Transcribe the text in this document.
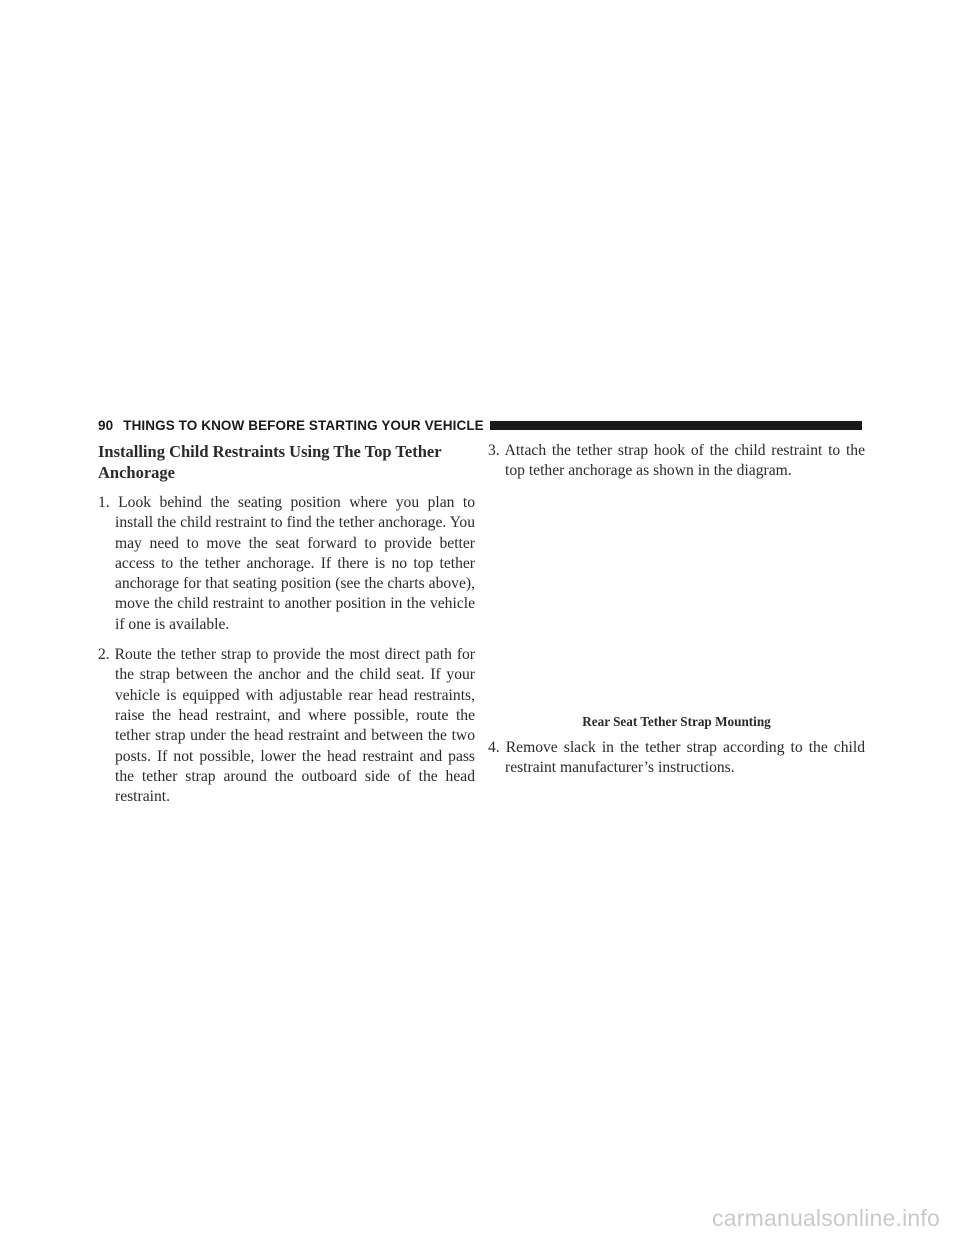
90 THINGS TO KNOW BEFORE STARTING YOUR VEHICLE
Installing Child Restraints Using The Top Tether Anchorage

1. Look behind the seating position where you plan to install the child restraint to find the tether anchorage. You may need to move the seat forward to provide better access to the tether anchorage. If there is no top tether anchorage for that seating position (see the charts above), move the child restraint to another position in the vehicle if one is available.

2. Route the tether strap to provide the most direct path for the strap between the anchor and the child seat. If your vehicle is equipped with adjustable rear head restraints, raise the head restraint, and where possible, route the tether strap under the head restraint and between the two posts. If not possible, lower the head restraint and pass the tether strap around the outboard side of the head restraint.

3. Attach the tether strap hook of the child restraint to the top tether anchorage as shown in the diagram.

Rear Seat Tether Strap Mounting

4. Remove slack in the tether strap according to the child restraint manufacturer’s instructions.

carmanualsonline.info
